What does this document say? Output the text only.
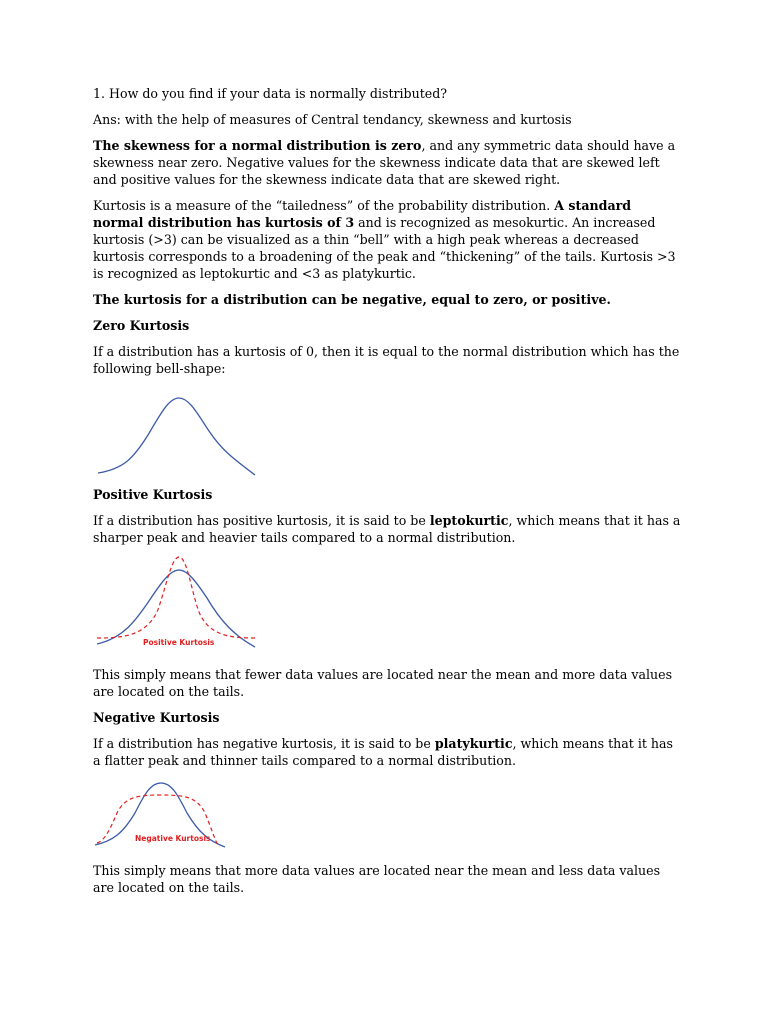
1. How do you find if your data is normally distributed?

Ans: with the help of measures of Central tendancy, skewness and kurtosis

The skewness for a normal distribution is zero, and any symmetric data should have a skewness near zero. Negative values for the skewness indicate data that are skewed left and positive values for the skewness indicate data that are skewed right.

Kurtosis is a measure of the “tailedness” of the probability distribution. A standard normal distribution has kurtosis of 3 and is recognized as mesokurtic. An increased kurtosis (>3) can be visualized as a thin “bell” with a high peak whereas a decreased kurtosis corresponds to a broadening of the peak and “thickening” of the tails. Kurtosis >3 is recognized as leptokurtic and <3 as platykurtic.

The kurtosis for a distribution can be negative, equal to zero, or positive.

Zero Kurtosis

If a distribution has a kurtosis of 0, then it is equal to the normal distribution which has the following bell-shape:

Positive Kurtosis

If a distribution has positive kurtosis, it is said to be leptokurtic, which means that it has a sharper peak and heavier tails compared to a normal distribution.

Positive Kurtosis

This simply means that fewer data values are located near the mean and more data values are located on the tails.

Negative Kurtosis

If a distribution has negative kurtosis, it is said to be platykurtic, which means that it has a flatter peak and thinner tails compared to a normal distribution.

Negative Kurtosis

This simply means that more data values are located near the mean and less data values are located on the tails.
